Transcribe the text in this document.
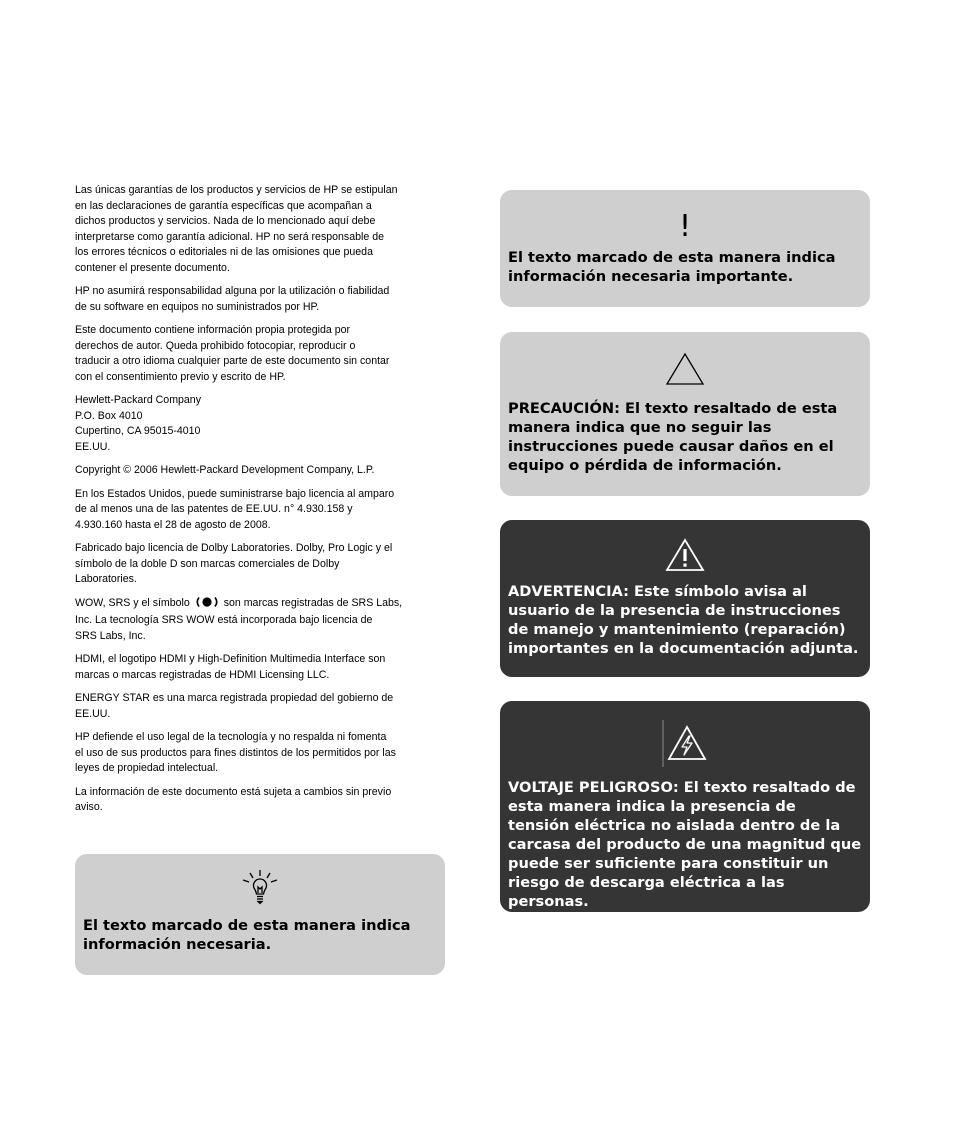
Las únicas garantías de los productos y servicios de HP se estipulan
en las declaraciones de garantía específicas que acompañan a
dichos productos y servicios. Nada de lo mencionado aquí debe
interpretarse como garantía adicional. HP no será responsable de
los errores técnicos o editoriales ni de las omisiones que pueda
contener el presente documento.

HP no asumirá responsabilidad alguna por la utilización o fiabilidad
de su software en equipos no suministrados por HP.

Este documento contiene información propia protegida por
derechos de autor. Queda prohibido fotocopiar, reproducir o
traducir a otro idioma cualquier parte de este documento sin contar
con el consentimiento previo y escrito de HP.

Hewlett-Packard Company
P.O. Box 4010
Cupertino, CA 95015-4010
EE.UU.

Copyright © 2006 Hewlett-Packard Development Company, L.P.

En los Estados Unidos, puede suministrarse bajo licencia al amparo
de al menos una de las patentes de EE.UU. n° 4.930.158 y
4.930.160 hasta el 28 de agosto de 2008.

Fabricado bajo licencia de Dolby Laboratories. Dolby, Pro Logic y el
símbolo de la doble D son marcas comerciales de Dolby
Laboratories.

WOW, SRS y el símbolo	son marcas registradas de SRS Labs,
Inc. La tecnología SRS WOW está incorporada bajo licencia de
SRS Labs, Inc.

HDMI, el logotipo HDMI y High-Definition Multimedia Interface son
marcas o marcas registradas de HDMI Licensing LLC.

ENERGY STAR es una marca registrada propiedad del gobierno de
EE.UU.

HP defiende el uso legal de la tecnología y no respalda ni fomenta
el uso de sus productos para fines distintos de los permitidos por las
leyes de propiedad intelectual.

La información de este documento está sujeta a cambios sin previo
aviso.

El texto marcado de esta manera indica información necesaria.
!
El texto marcado de esta manera indica información necesaria importante.
PRECAUCIÓN: El texto resaltado de esta manera indica que no seguir las instrucciones puede causar daños en el equipo o pérdida de información.
ADVERTENCIA: Este símbolo avisa al usuario de la presencia de instrucciones de manejo y mantenimiento (reparación) importantes en la documentación adjunta.
VOLTAJE PELIGROSO: El texto resaltado de esta manera indica la presencia de tensión eléctrica no aislada dentro de la carcasa del producto de una magnitud que puede ser suficiente para constituir un riesgo de descarga eléctrica a las personas.
